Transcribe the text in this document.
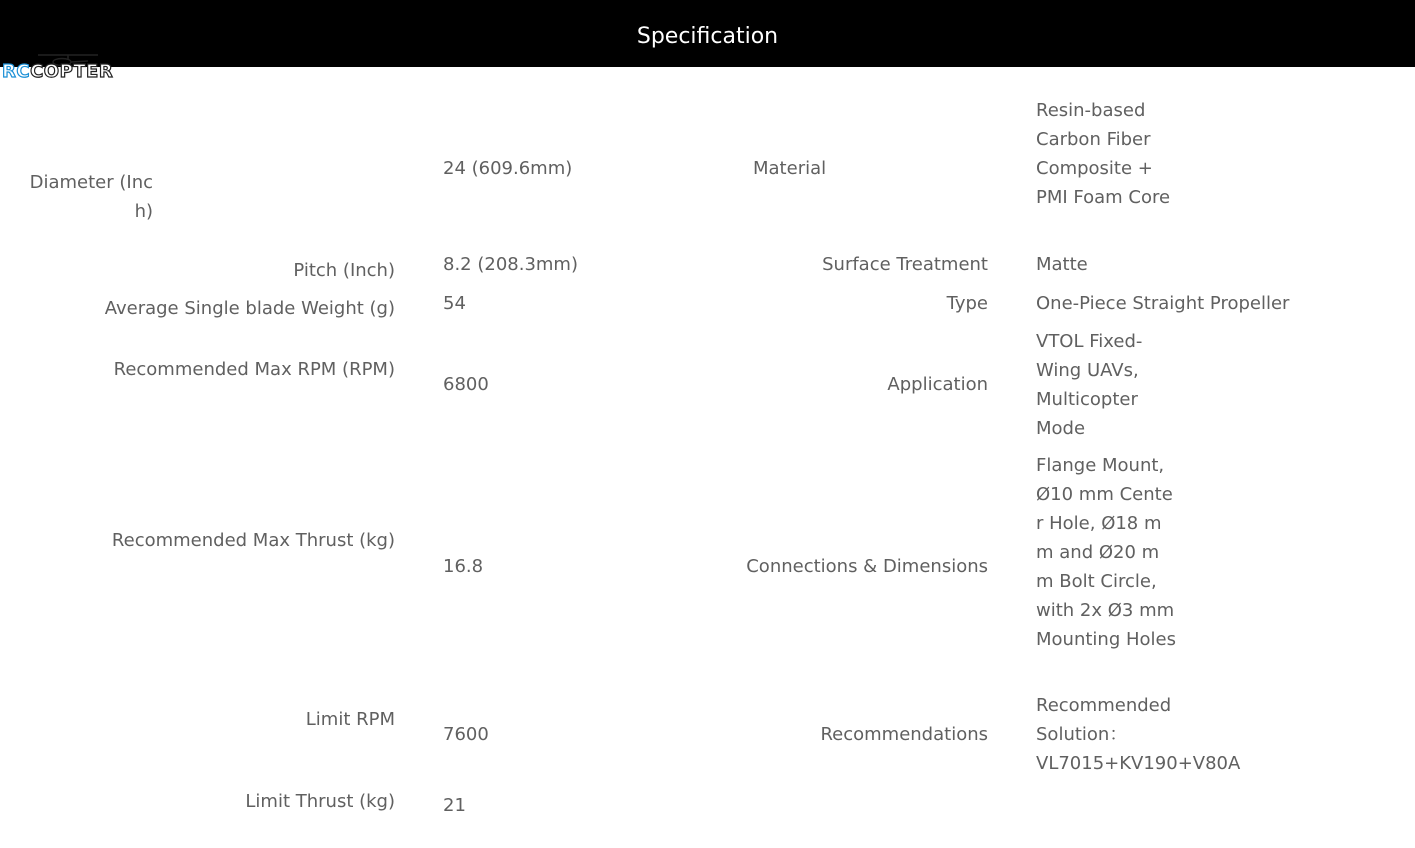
Specification
RCCOPTER
Diameter (Inch)
Pitch (Inch)
Average Single blade Weight (g)
Recommended Max RPM (RPM)
Recommended Max Thrust (kg)
Limit RPM
Limit Thrust (kg)
24 (609.6mm)
8.2 (208.3mm)
54
6800
16.8
7600
21
Material
Surface Treatment
Type
Application
Connections & Dimensions
Recommendations
Resin-based Carbon Fiber Composite + PMI Foam Core
Matte
One-Piece Straight Propeller
VTOL Fixed-Wing UAVs, Multicopter Mode
Flange Mount, Ø10 mm Center Hole, Ø18 mm and Ø20 mm Bolt Circle, with 2x Ø3 mm Mounting Holes
Recommended Solution：VL7015+KV190+V80A
